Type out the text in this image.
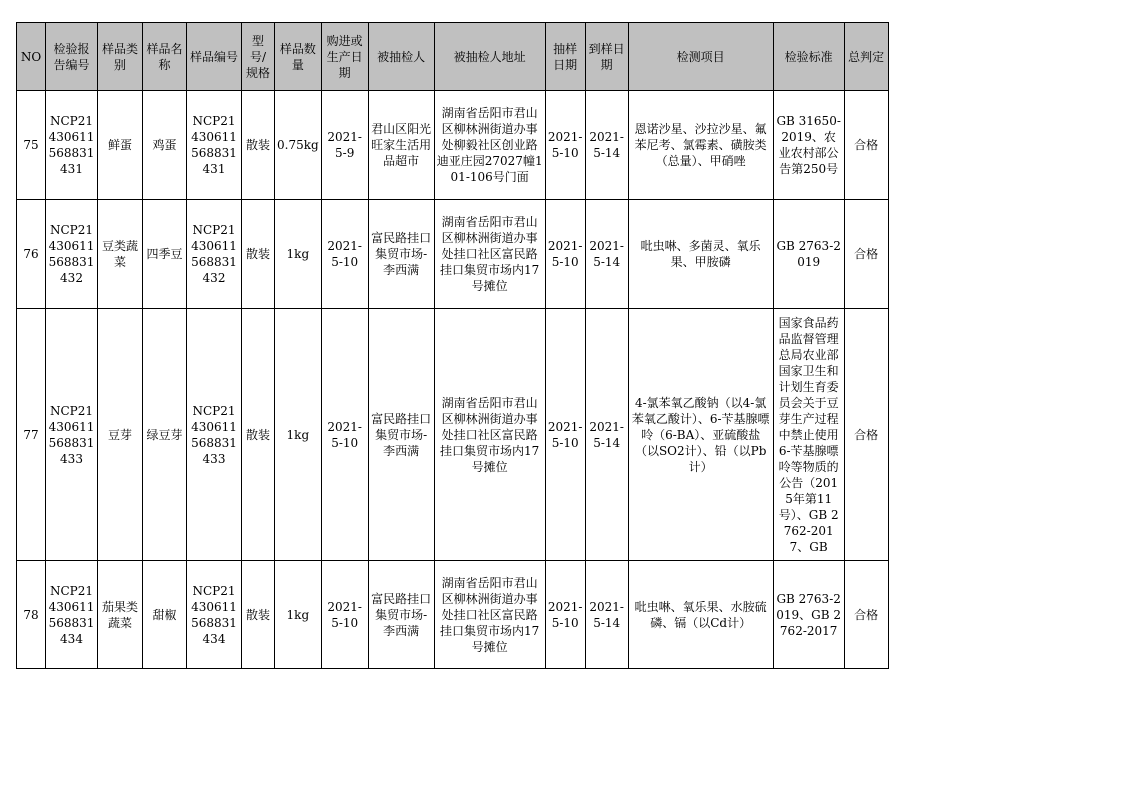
NO	检验报告编号	样品类别	样品名称	样品编号	型号/规格	样品数量	购进或生产日期	被抽检人	被抽检人地址	抽样日期	到样日期	检测项目	检验标准	总判定
75	NCP21430611568831431	鲜蛋	鸡蛋	NCP21430611568831431	散装	0.75kg	2021-5-9	君山区阳光旺家生活用品超市	湖南省岳阳市君山区柳林洲街道办事处柳毅社区创业路迪亚庄园27027幢101-106号门面	2021-5-10	2021-5-14	恩诺沙星、沙拉沙星、氟苯尼考、氯霉素、磺胺类 （总量）、甲硝唑	GB 31650-2019、农业农村部公告第250号	合格
76	NCP21430611568831432	豆类蔬菜	四季豆	NCP21430611568831432	散装	1kg	2021-5-10	富民路挂口集贸市场-李西满	湖南省岳阳市君山区柳林洲街道办事处挂口社区富民路挂口集贸市场内17号摊位	2021-5-10	2021-5-14	吡虫啉、多菌灵、氧乐果、甲胺磷	GB 2763-2019	合格
77	NCP21430611568831433	豆芽	绿豆芽	NCP21430611568831433	散装	1kg	2021-5-10	富民路挂口集贸市场-李西满	湖南省岳阳市君山区柳林洲街道办事处挂口社区富民路挂口集贸市场内17号摊位	2021-5-10	2021-5-14	4-氯苯氧乙酸钠（以4-氯苯氧乙酸计）、6-苄基腺嘌呤（6-BA）、亚硫酸盐（以SO2计）、铅（以Pb计）	国家食品药品监督管理总局农业部国家卫生和计划生育委员会关于豆芽生产过程中禁止使用6-苄基腺嘌呤等物质的公告（2015年第11号）、GB 2762-2017、GB	合格
78	NCP21430611568831434	茄果类蔬菜	甜椒	NCP21430611568831434	散装	1kg	2021-5-10	富民路挂口集贸市场-李西满	湖南省岳阳市君山区柳林洲街道办事处挂口社区富民路挂口集贸市场内17号摊位	2021-5-10	2021-5-14	吡虫啉、氧乐果、水胺硫磷、镉（以Cd计）	GB 2763-2019、GB 2762-2017	合格
